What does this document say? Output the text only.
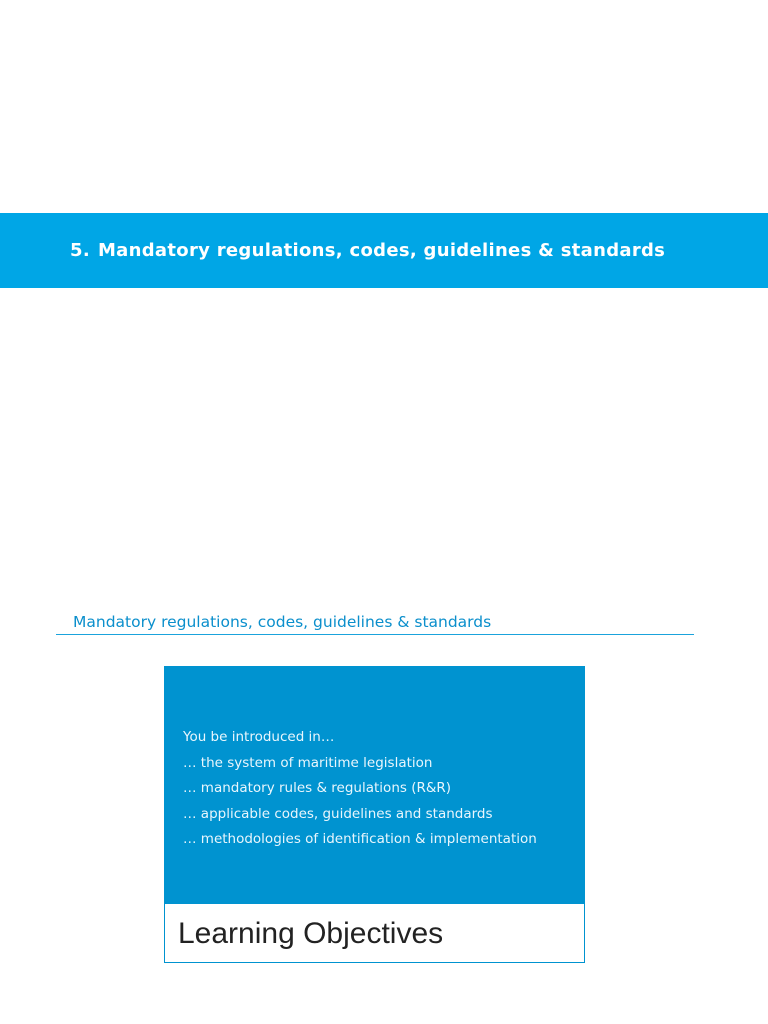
5. Mandatory regulations, codes, guidelines & standards
Mandatory regulations, codes, guidelines & standards
You be introduced in…
… the system of maritime legislation
… mandatory rules & regulations (R&R)
… applicable codes, guidelines and standards
… methodologies of identification & implementation
Learning Objectives
